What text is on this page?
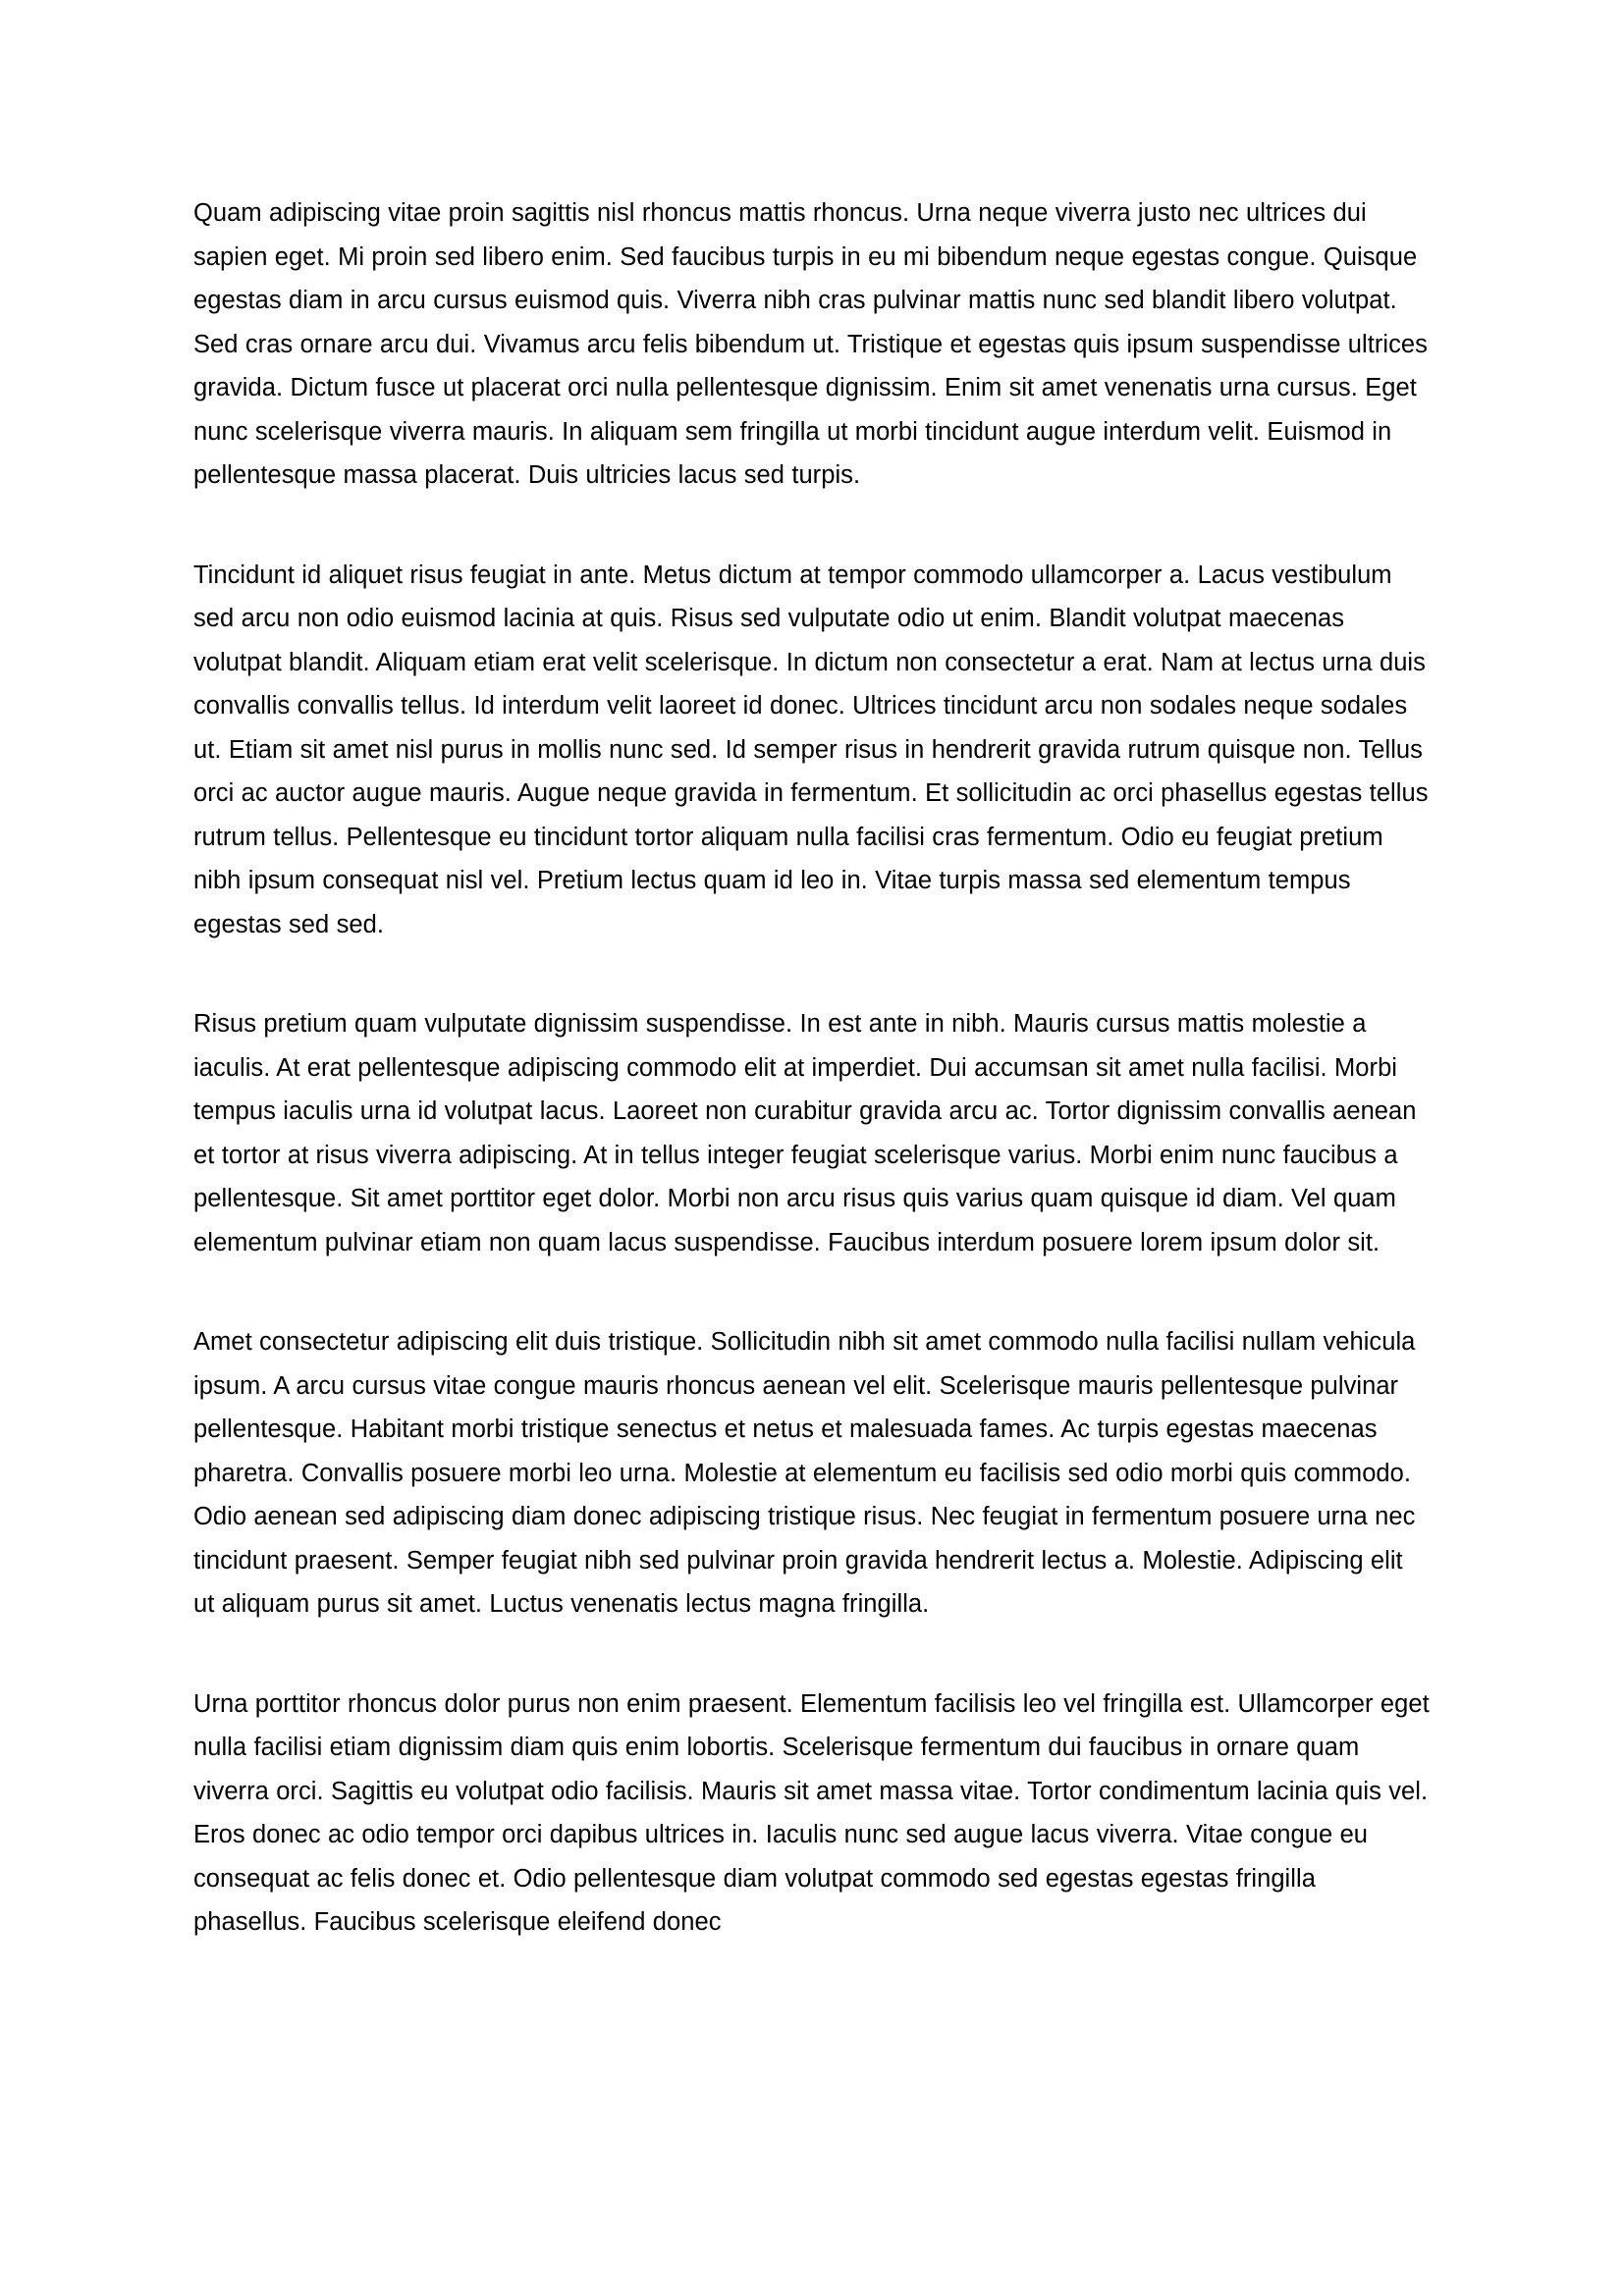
Quam adipiscing vitae proin sagittis nisl rhoncus mattis rhoncus. Urna neque viverra justo nec ultrices dui sapien eget. Mi proin sed libero enim. Sed faucibus turpis in eu mi bibendum neque egestas congue. Quisque egestas diam in arcu cursus euismod quis. Viverra nibh cras pulvinar mattis nunc sed blandit libero volutpat. Sed cras ornare arcu dui. Vivamus arcu felis bibendum ut. Tristique et egestas quis ipsum suspendisse ultrices gravida. Dictum fusce ut placerat orci nulla pellentesque dignissim. Enim sit amet venenatis urna cursus. Eget nunc scelerisque viverra mauris. In aliquam sem fringilla ut morbi tincidunt augue interdum velit. Euismod in pellentesque massa placerat. Duis ultricies lacus sed turpis.

Tincidunt id aliquet risus feugiat in ante. Metus dictum at tempor commodo ullamcorper a. Lacus vestibulum sed arcu non odio euismod lacinia at quis. Risus sed vulputate odio ut enim. Blandit volutpat maecenas volutpat blandit. Aliquam etiam erat velit scelerisque. In dictum non consectetur a erat. Nam at lectus urna duis convallis convallis tellus. Id interdum velit laoreet id donec. Ultrices tincidunt arcu non sodales neque sodales ut. Etiam sit amet nisl purus in mollis nunc sed. Id semper risus in hendrerit gravida rutrum quisque non. Tellus orci ac auctor augue mauris. Augue neque gravida in fermentum. Et sollicitudin ac orci phasellus egestas tellus rutrum tellus. Pellentesque eu tincidunt tortor aliquam nulla facilisi cras fermentum. Odio eu feugiat pretium nibh ipsum consequat nisl vel. Pretium lectus quam id leo in. Vitae turpis massa sed elementum tempus egestas sed sed.

Risus pretium quam vulputate dignissim suspendisse. In est ante in nibh. Mauris cursus mattis molestie a iaculis. At erat pellentesque adipiscing commodo elit at imperdiet. Dui accumsan sit amet nulla facilisi. Morbi tempus iaculis urna id volutpat lacus. Laoreet non curabitur gravida arcu ac. Tortor dignissim convallis aenean et tortor at risus viverra adipiscing. At in tellus integer feugiat scelerisque varius. Morbi enim nunc faucibus a pellentesque. Sit amet porttitor eget dolor. Morbi non arcu risus quis varius quam quisque id diam. Vel quam elementum pulvinar etiam non quam lacus suspendisse. Faucibus interdum posuere lorem ipsum dolor sit.

Amet consectetur adipiscing elit duis tristique. Sollicitudin nibh sit amet commodo nulla facilisi nullam vehicula ipsum. A arcu cursus vitae congue mauris rhoncus aenean vel elit. Scelerisque mauris pellentesque pulvinar pellentesque. Habitant morbi tristique senectus et netus et malesuada fames. Ac turpis egestas maecenas pharetra. Convallis posuere morbi leo urna. Molestie at elementum eu facilisis sed odio morbi quis commodo. Odio aenean sed adipiscing diam donec adipiscing tristique risus. Nec feugiat in fermentum posuere urna nec tincidunt praesent. Semper feugiat nibh sed pulvinar proin gravida hendrerit lectus a. Molestie. Adipiscing elit ut aliquam purus sit amet. Luctus venenatis lectus magna fringilla.

Urna porttitor rhoncus dolor purus non enim praesent. Elementum facilisis leo vel fringilla est. Ullamcorper eget nulla facilisi etiam dignissim diam quis enim lobortis. Scelerisque fermentum dui faucibus in ornare quam viverra orci. Sagittis eu volutpat odio facilisis. Mauris sit amet massa vitae. Tortor condimentum lacinia quis vel. Eros donec ac odio tempor orci dapibus ultrices in. Iaculis nunc sed augue lacus viverra. Vitae congue eu consequat ac felis donec et. Odio pellentesque diam volutpat commodo sed egestas egestas fringilla phasellus. Faucibus scelerisque eleifend donec
